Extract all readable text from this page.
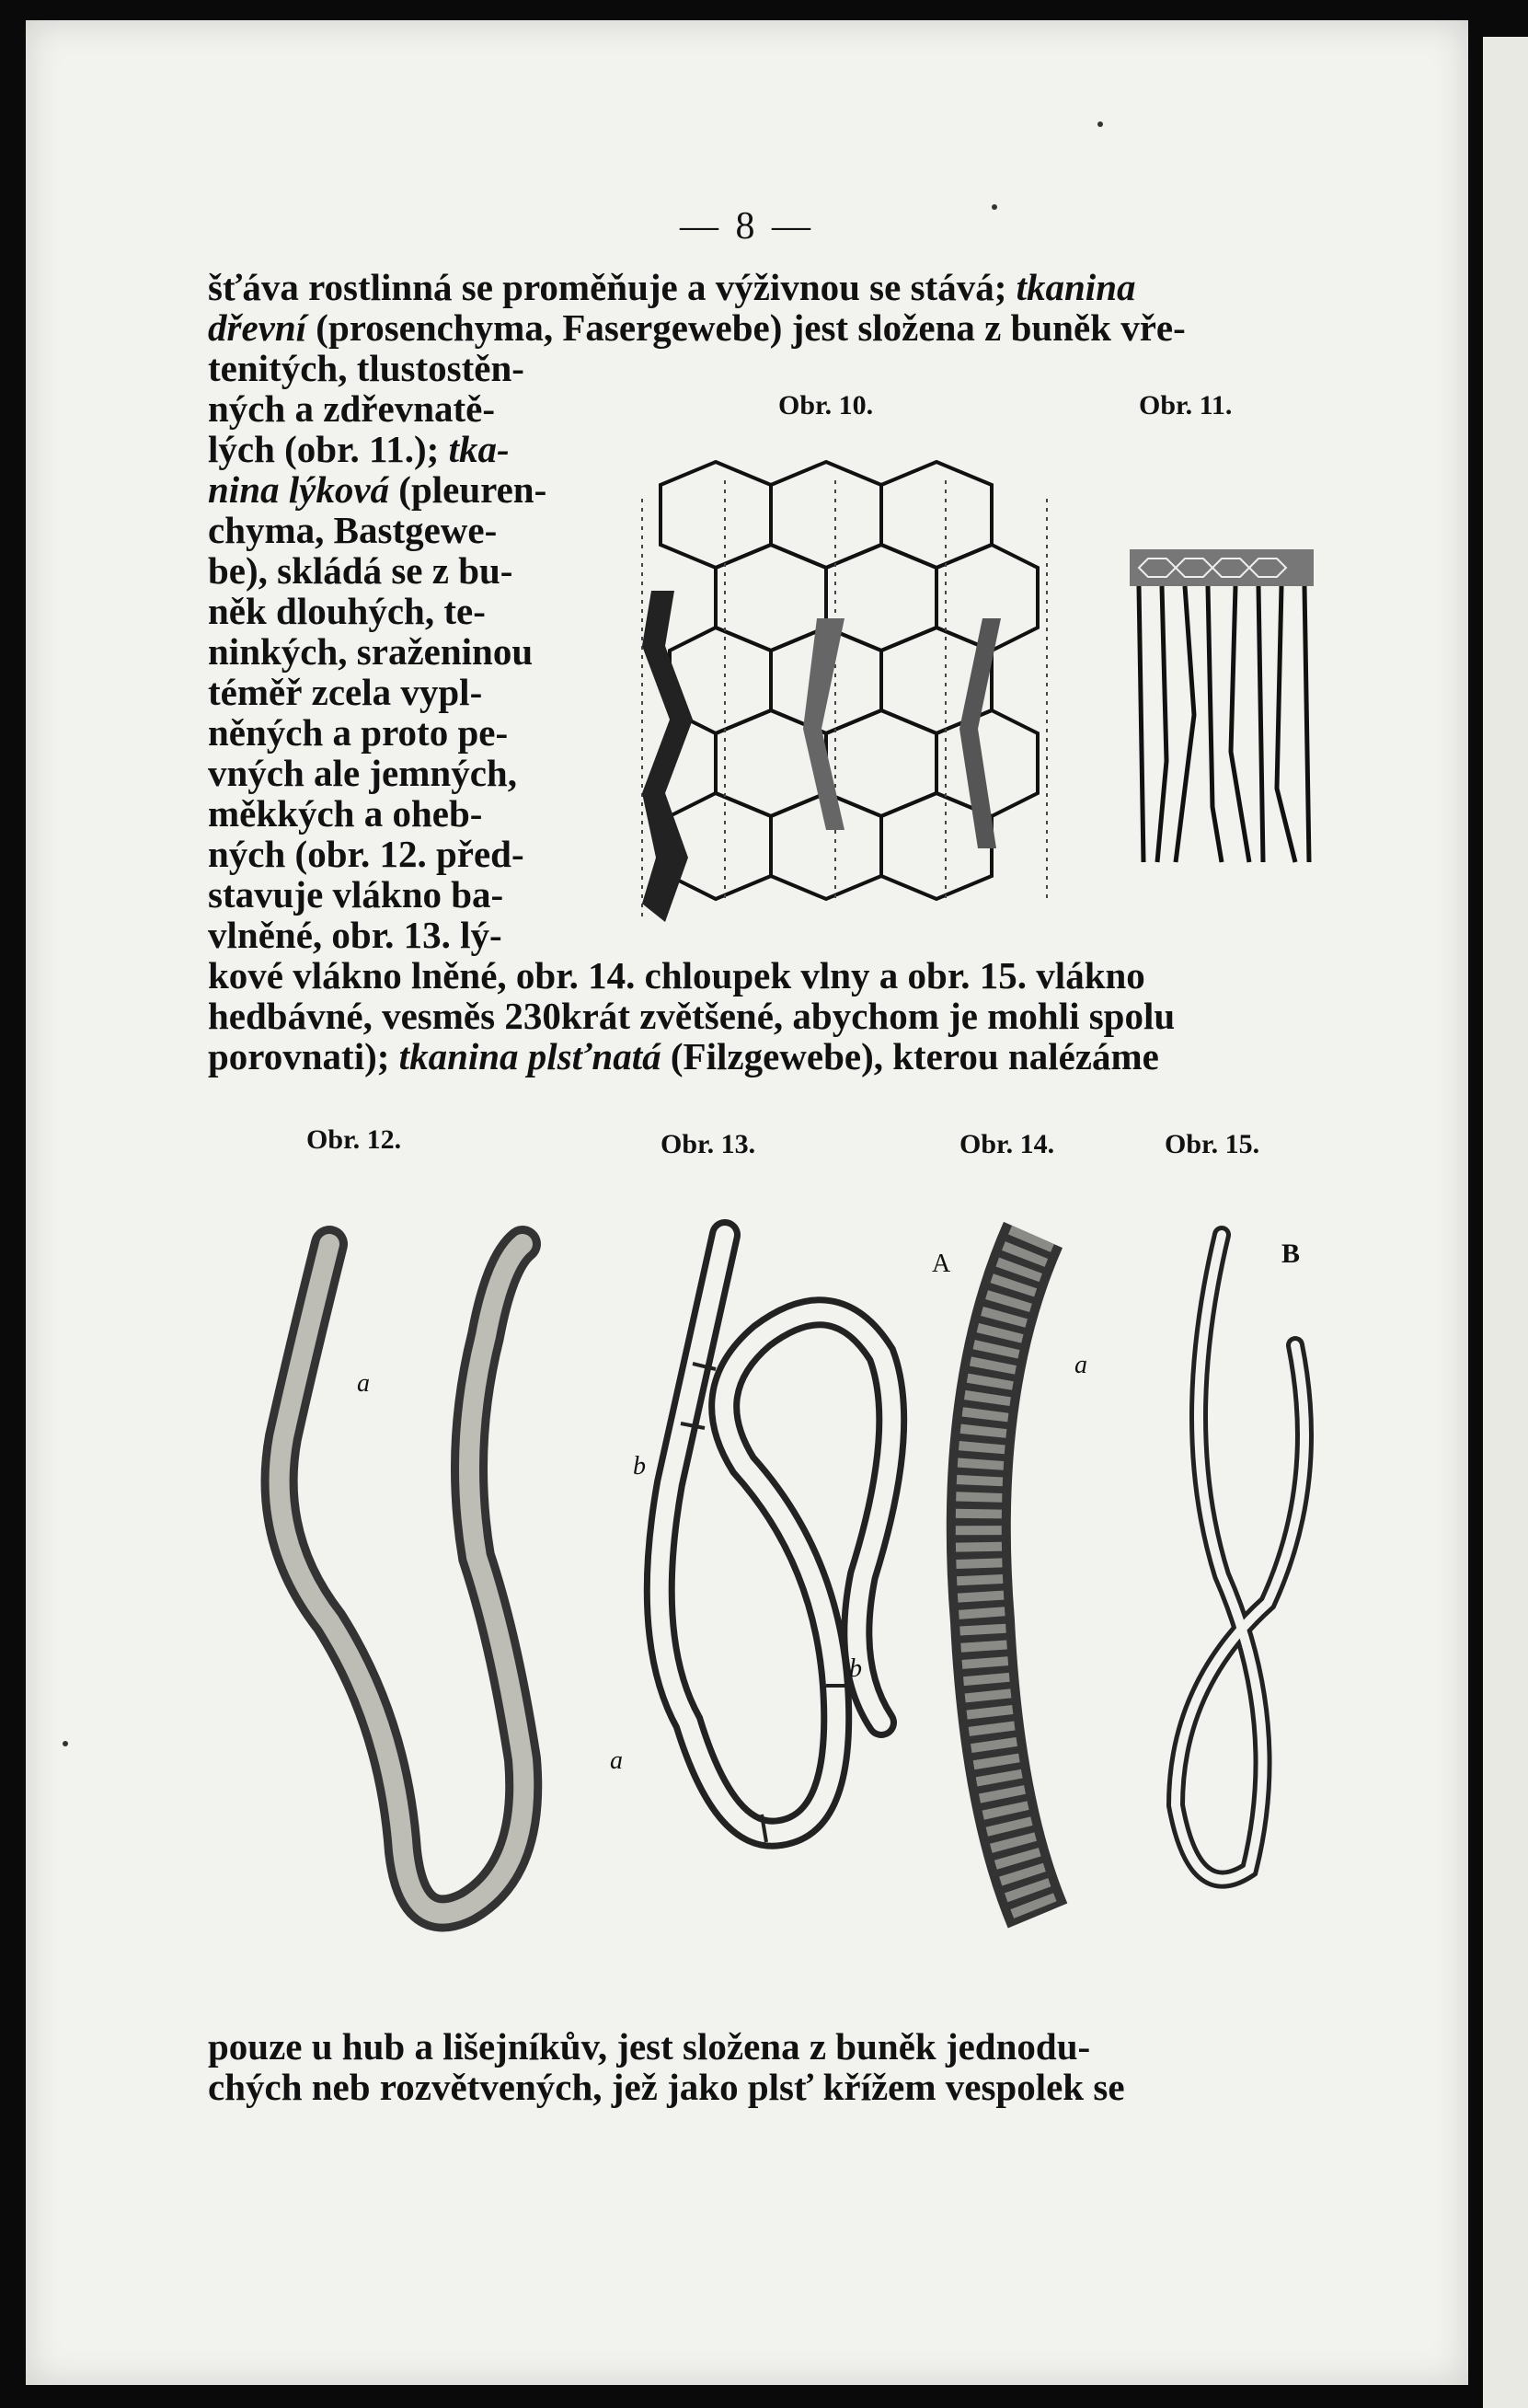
— 8 —
šťáva rostlinná se proměňuje a výživnou se stává; tkanina
dřevní (prosenchyma, Fasergewebe) jest složena z buněk vře-
tenitých, tlustostěn-
ných a zdřevnatě-
lých (obr. 11.); tka-
nina lýková (pleuren-
chyma, Bastgewe-
be), skládá se z bu-
něk dlouhých, te-
ninkých, sraženinou
téměř zcela vypl-
něných a proto pe-
vných ale jemných,
měkkých a ohеb-
ných (obr. 12. před-
stavuje vlákno ba-
vlněné, obr. 13. lý-
kové vlákno lněné, obr. 14. chloupek vlny a obr. 15. vlákno
hedbávné, vesměs 230krát zvětšené, abychom je mohli spolu
porovnati); tkanina plsťnatá (Filzgewebe), kterou nalézáme
Obr. 10.	Obr. 11.
Obr. 12.	Obr. 13.	Obr. 14.	Obr. 15.
a
b
b
a
A
a
B
pouze u hub a lišejníkův, jest složena z buněk jednodu-
chých neb rozvětvených, jež jako plsť křížem vespolek se
